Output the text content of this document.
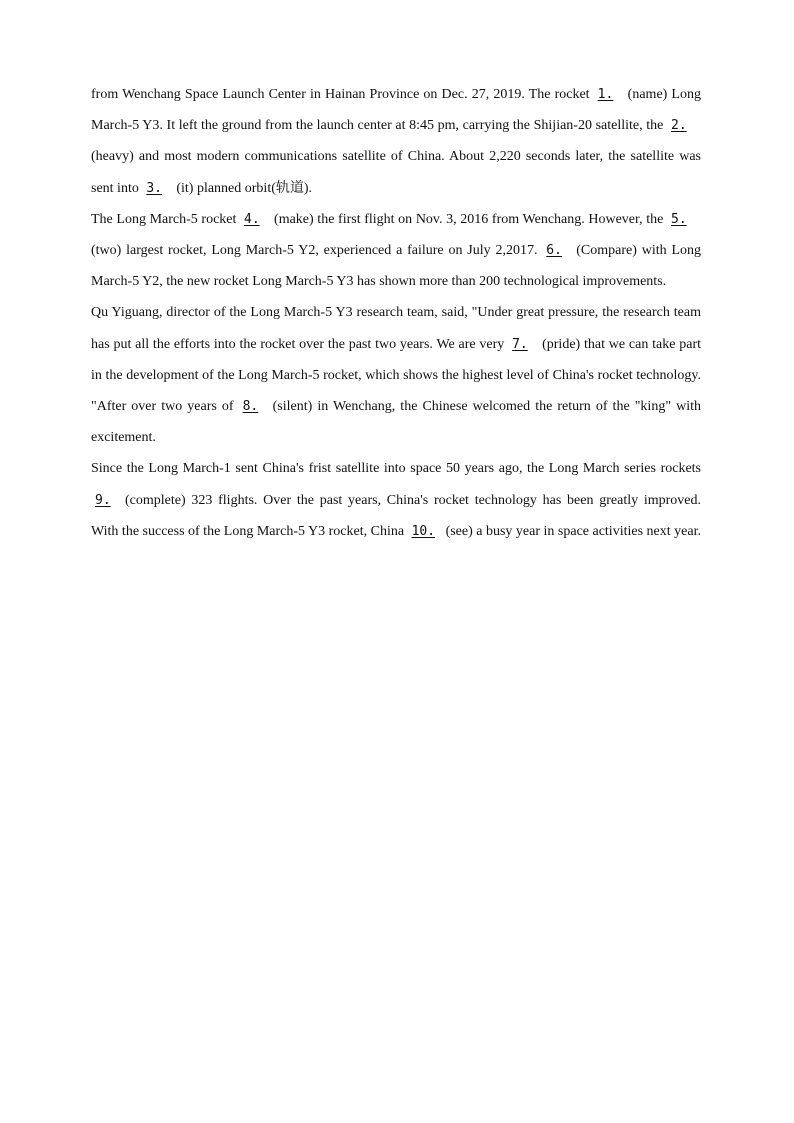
from Wenchang Space Launch Center in Hainan Province on Dec. 27, 2019. The rocket 1. (name) Long March-5 Y3. It left the ground from the launch center at 8:45 pm, carrying the Shijian-20 satellite, the 2.(heavy) and most modern communications satellite of China. About 2,220 seconds later, the satellite was sent into 3. (it) planned orbit(轨道).

The Long March-5 rocket 4. (make) the first flight on Nov. 3, 2016 from Wenchang. However, the 5.(two) largest rocket, Long March-5 Y2, experienced a failure on July 2,2017. 6. (Compare) with Long March-5 Y2, the new rocket Long March-5 Y3 has shown more than 200 technological improvements.

Qu Yiguang, director of the Long March-5 Y3 research team, said, "Under great pressure, the research team has put all the efforts into the rocket over the past two years. We are very 7. (pride) that we can take part in the development of the Long March-5 rocket, which shows the highest level of China's rocket technology. "After over two years of 8. (silent) in Wenchang, the Chinese welcomed the return of the "king" with excitement.

Since the Long March-1 sent China's frist satellite into space 50 years ago, the Long March series rockets 9. (complete) 323 flights. Over the past years, China's rocket technology has been greatly improved. With the success of the Long March-5 Y3 rocket, China 10. (see) a busy year in space activities next year.
